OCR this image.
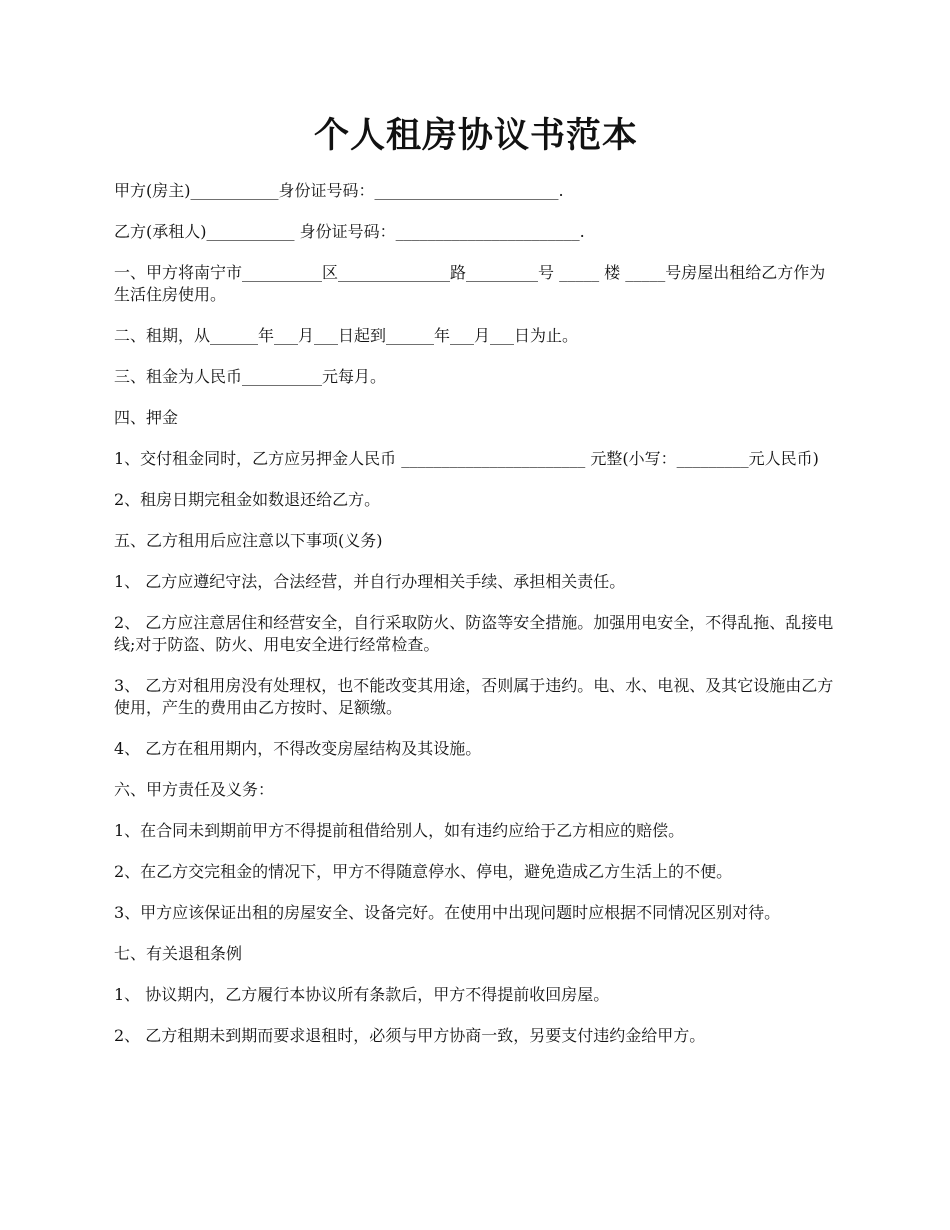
个人租房协议书范本

甲方(房主)___________身份证号码：_______________________.

乙方(承租人)___________ 身份证号码：_______________________.

一、甲方将南宁市__________区______________路_________号 _____ 楼 _____号房屋出租给乙方作为生活住房使用。

二、租期，从______年___月___日起到______年___月___日为止。

三、租金为人民币__________元每月。

四、押金

1、交付租金同时，乙方应另押金人民币 _______________________ 元整(小写：_________元人民币)

2、租房日期完租金如数退还给乙方。

五、乙方租用后应注意以下事项(义务)

1、 乙方应遵纪守法，合法经营，并自行办理相关手续、承担相关责任。

2、 乙方应注意居住和经营安全，自行采取防火、防盗等安全措施。加强用电安全，不得乱拖、乱接电线;对于防盗、防火、用电安全进行经常检查。

3、 乙方对租用房没有处理权，也不能改变其用途，否则属于违约。电、水、电视、及其它设施由乙方使用，产生的费用由乙方按时、足额缴。

4、 乙方在租用期内，不得改变房屋结构及其设施。

六、甲方责任及义务：

1、在合同未到期前甲方不得提前租借给别人，如有违约应给于乙方相应的赔偿。

2、在乙方交完租金的情况下，甲方不得随意停水、停电，避免造成乙方生活上的不便。

3、甲方应该保证出租的房屋安全、设备完好。在使用中出现问题时应根据不同情况区别对待。

七、有关退租条例

1、 协议期内，乙方履行本协议所有条款后，甲方不得提前收回房屋。

2、 乙方租期未到期而要求退租时，必须与甲方协商一致，另要支付违约金给甲方。
